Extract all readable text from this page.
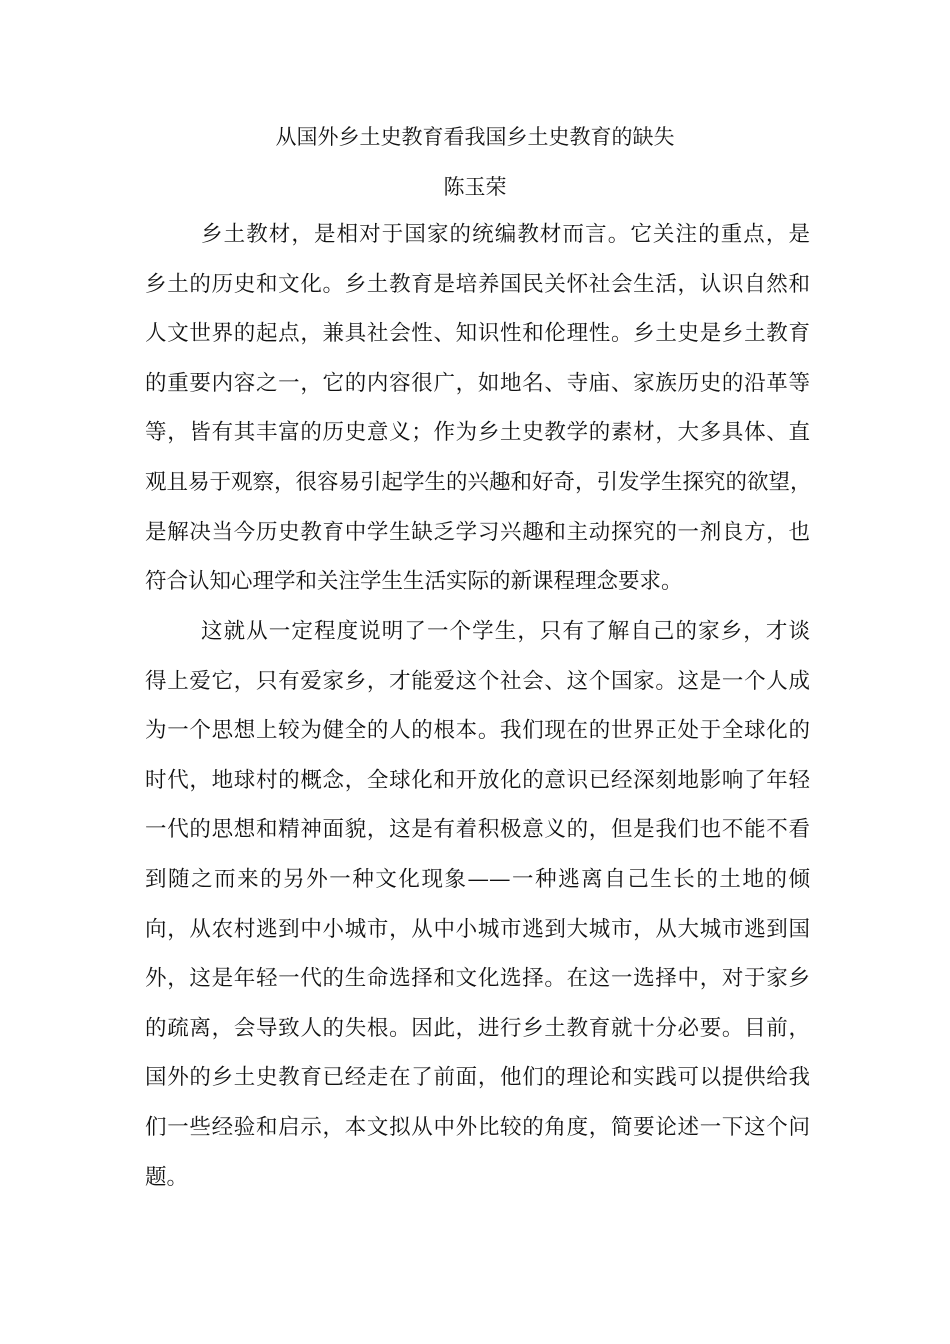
从国外乡土史教育看我国乡土史教育的缺失
陈玉荣
乡土教材，是相对于国家的统编教材而言。它关注的重点，是
乡土的历史和文化。乡土教育是培养国民关怀社会生活，认识自然和
人文世界的起点，兼具社会性、知识性和伦理性。乡土史是乡土教育
的重要内容之一，它的内容很广，如地名、寺庙、家族历史的沿革等
等，皆有其丰富的历史意义；作为乡土史教学的素材，大多具体、直
观且易于观察，很容易引起学生的兴趣和好奇，引发学生探究的欲望，
是解决当今历史教育中学生缺乏学习兴趣和主动探究的一剂良方，也
符合认知心理学和关注学生生活实际的新课程理念要求。
这就从一定程度说明了一个学生，只有了解自己的家乡，才谈
得上爱它，只有爱家乡，才能爱这个社会、这个国家。这是一个人成
为一个思想上较为健全的人的根本。我们现在的世界正处于全球化的
时代，地球村的概念，全球化和开放化的意识已经深刻地影响了年轻
一代的思想和精神面貌，这是有着积极意义的，但是我们也不能不看
到随之而来的另外一种文化现象——一种逃离自己生长的土地的倾
向，从农村逃到中小城市，从中小城市逃到大城市，从大城市逃到国
外，这是年轻一代的生命选择和文化选择。在这一选择中，对于家乡
的疏离，会导致人的失根。因此，进行乡土教育就十分必要。目前，
国外的乡土史教育已经走在了前面，他们的理论和实践可以提供给我
们一些经验和启示，本文拟从中外比较的角度，简要论述一下这个问
题。
